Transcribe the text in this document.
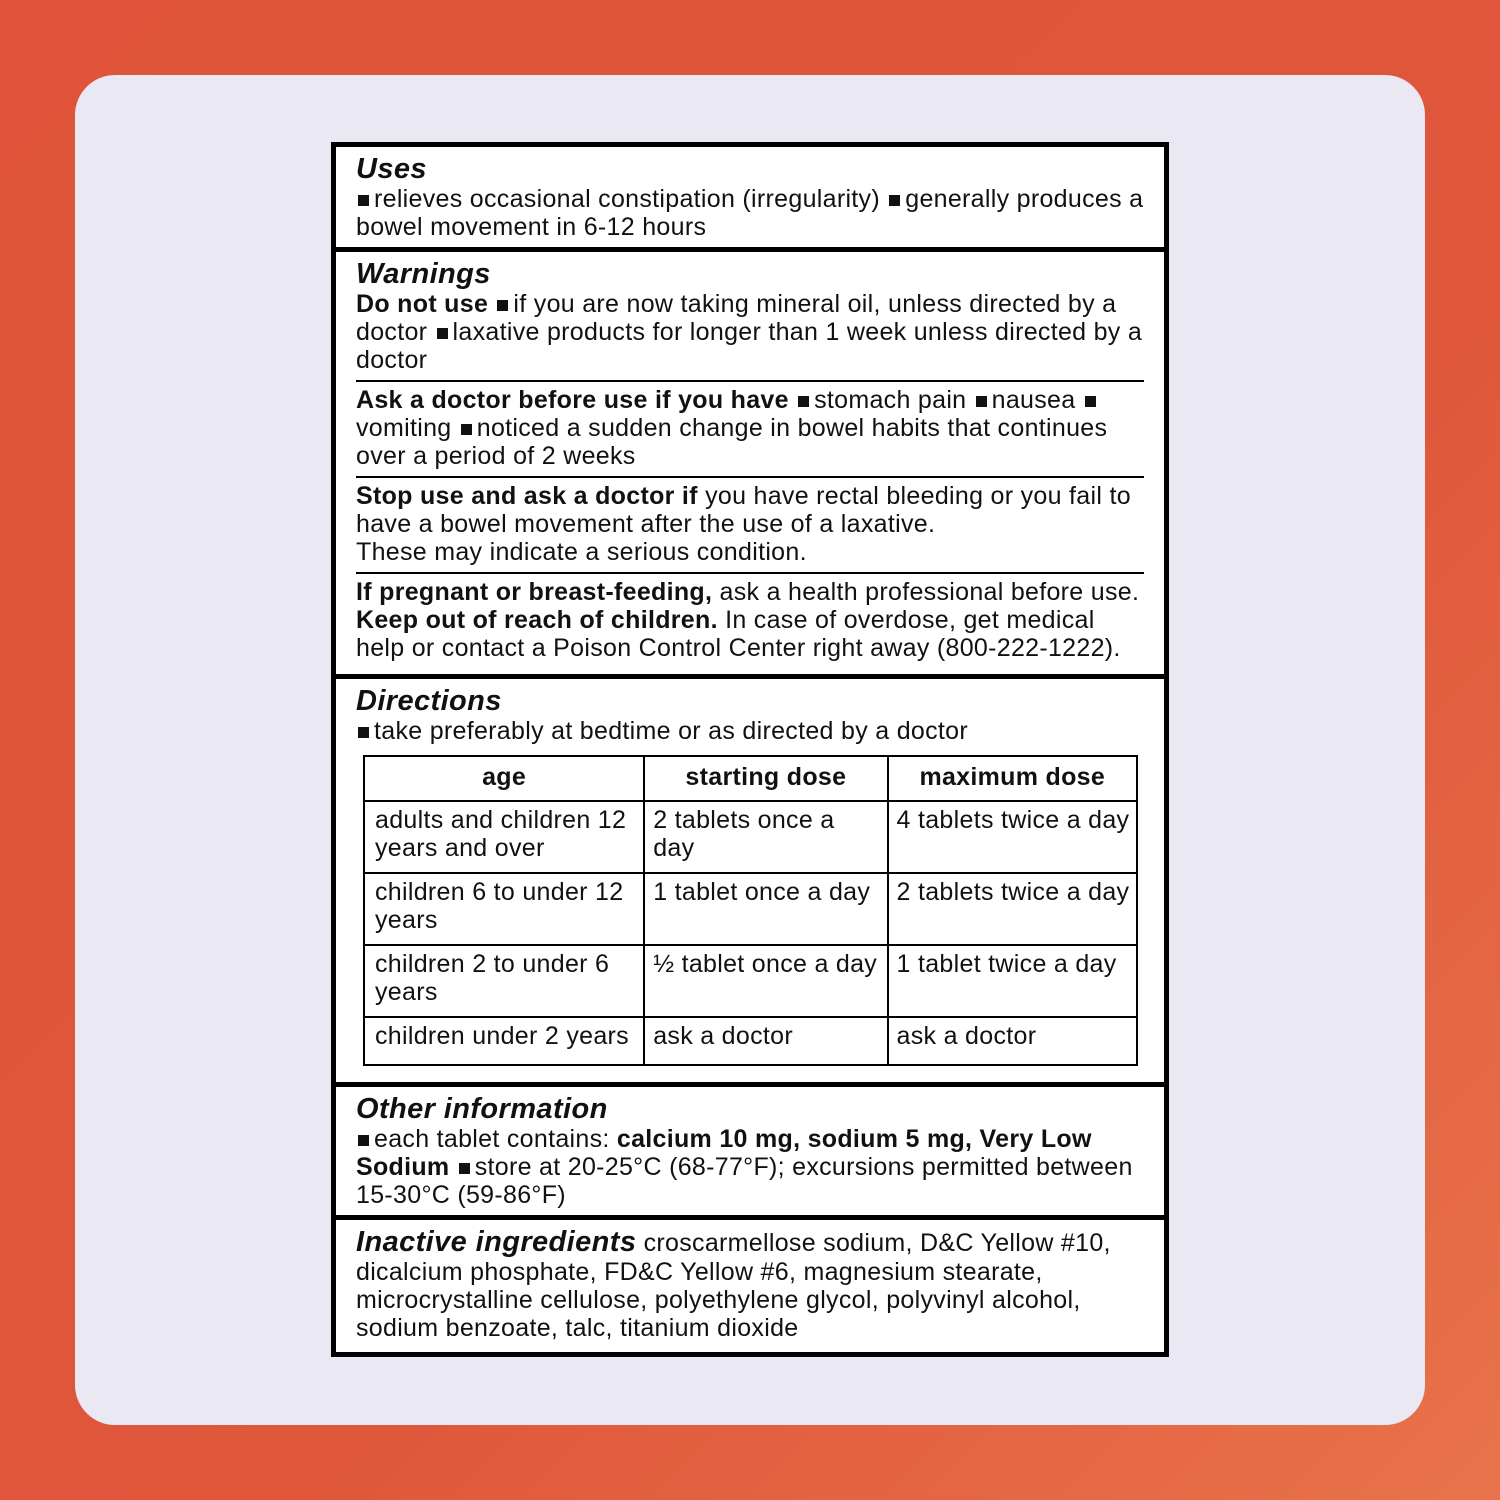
Uses
relieves occasional constipation (irregularity) generally produces a bowel movement in 6-12 hours
Warnings
Do not use if you are now taking mineral oil, unless directed by a doctor laxative products for longer than 1 week unless directed by a doctor
Ask a doctor before use if you have stomach pain nausea vomiting noticed a sudden change in bowel habits that continues over a period of 2 weeks
Stop use and ask a doctor if you have rectal bleeding or you fail to have a bowel movement after the use of a laxative.
These may indicate a serious condition.
If pregnant or breast-feeding, ask a health professional before use.
Keep out of reach of children. In case of overdose, get medical help or contact a Poison Control Center right away (800-222-1222).
Directions
take preferably at bedtime or as directed by a doctor
age	starting dose	maximum dose
adults and children 12 years and over	2 tablets once a day	4 tablets twice a day
children 6 to under 12 years	1 tablet once a day	2 tablets twice a day
children 2 to under 6 years	½ tablet once a day	1 tablet twice a day
children under 2 years	ask a doctor	ask a doctor
Other information
each tablet contains: calcium 10 mg, sodium 5 mg, Very Low Sodium store at 20-25°C (68-77°F); excursions permitted between 15-30°C (59-86°F)
Inactive ingredients croscarmellose sodium, D&C Yellow #10, dicalcium phosphate, FD&C Yellow #6, magnesium stearate, microcrystalline cellulose, polyethylene glycol, polyvinyl alcohol, sodium benzoate, talc, titanium dioxide
